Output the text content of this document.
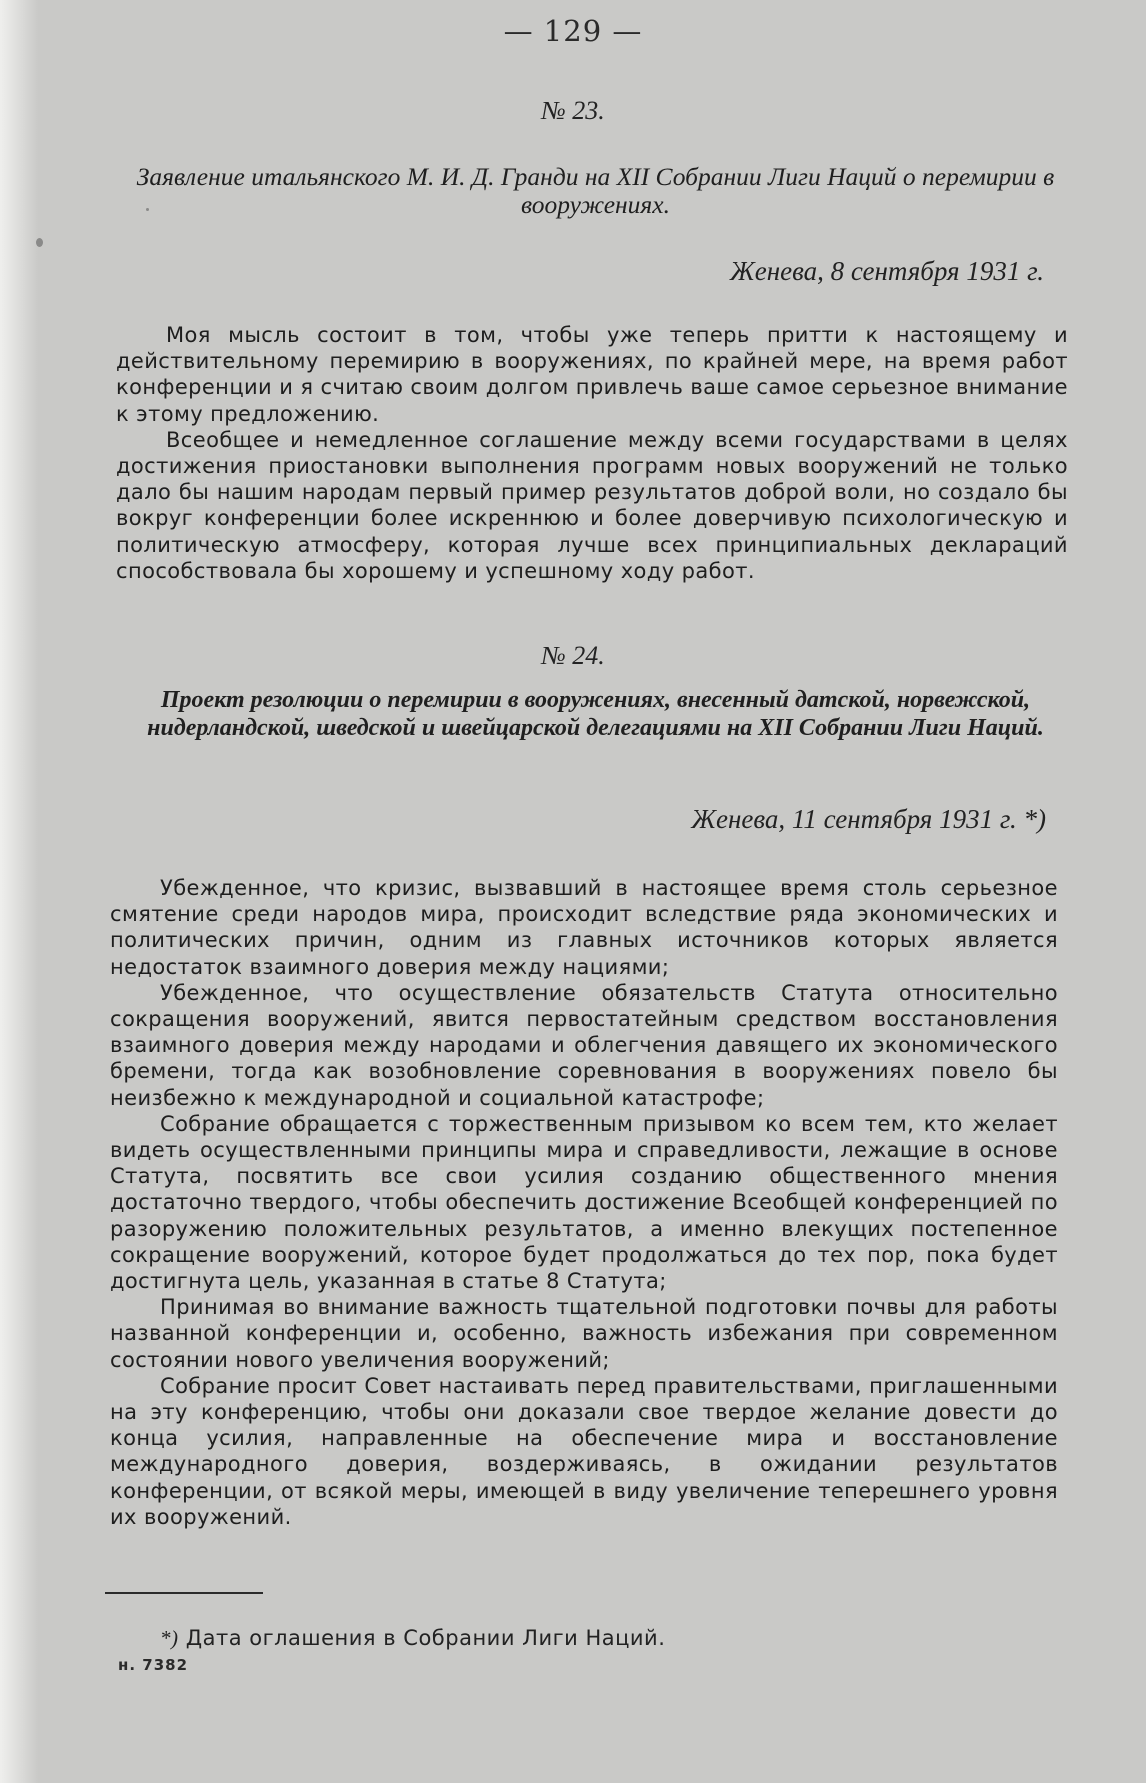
— 129 —
№ 23.
Заявление итальянского М. И. Д. Гранди на XII Собрании Лиги Наций о перемирии в вооружениях.
Женева, 8 сентября 1931 г.

Моя мысль состоит в том, чтобы уже теперь притти к настоящему и действительному перемирию в вооружениях, по крайней мере, на время работ конференции и я считаю своим долгом привлечь ваше самое серьезное внимание к этому предложению.

Всеобщее и немедленное соглашение между всеми государствами в целях достижения приостановки выполнения программ новых вооружений не только дало бы нашим народам первый пример результатов доброй воли, но создало бы вокруг конференции более искреннюю и более доверчивую психологическую и политическую атмосферу, которая лучше всех принципиальных деклараций способствовала бы хорошему и успешному ходу работ.

№ 24.
Проект резолюции о перемирии в вооружениях, внесенный датской, норвежской, нидерландской, шведской и швейцарской делегациями на XII Собрании Лиги Наций.
Женева, 11 сентября 1931 г. *)

Убежденное, что кризис, вызвавший в настоящее время столь серьезное смятение среди народов мира, происходит вследствие ряда экономических и политических причин, одним из главных источников которых является недостаток взаимного доверия между нациями;

Убежденное, что осуществление обязательств Статута относительно сокращения вооружений, явится первостатейным средством восстановления взаимного доверия между народами и облегчения давящего их экономического бремени, тогда как возобновление соревнования в вооружениях повело бы неизбежно к международной и социальной катастрофе;

Собрание обращается с торжественным призывом ко всем тем, кто желает видеть осуществленными принципы мира и справедливости, лежащие в основе Статута, посвятить все свои усилия созданию общественного мнения достаточно твердого, чтобы обеспечить достижение Всеобщей конференцией по разоружению положительных результатов, а именно влекущих постепенное сокращение вооружений, которое будет продолжаться до тех пор, пока будет достигнута цель, указанная в статье 8 Статута;

Принимая во внимание важность тщательной подготовки почвы для работы названной конференции и, особенно, важность избежания при современном состоянии нового увеличения вооружений;

Собрание просит Совет настаивать перед правительствами, приглашенными на эту конференцию, чтобы они доказали свое твердое желание довести до конца усилия, направленные на обеспечение мира и восстановление международного доверия, воздерживаясь, в ожидании результатов конференции, от всякой меры, имеющей в виду увеличение теперешнего уровня их вооружений.

*) Дата оглашения в Собрании Лиги Наций.
н. 7382
